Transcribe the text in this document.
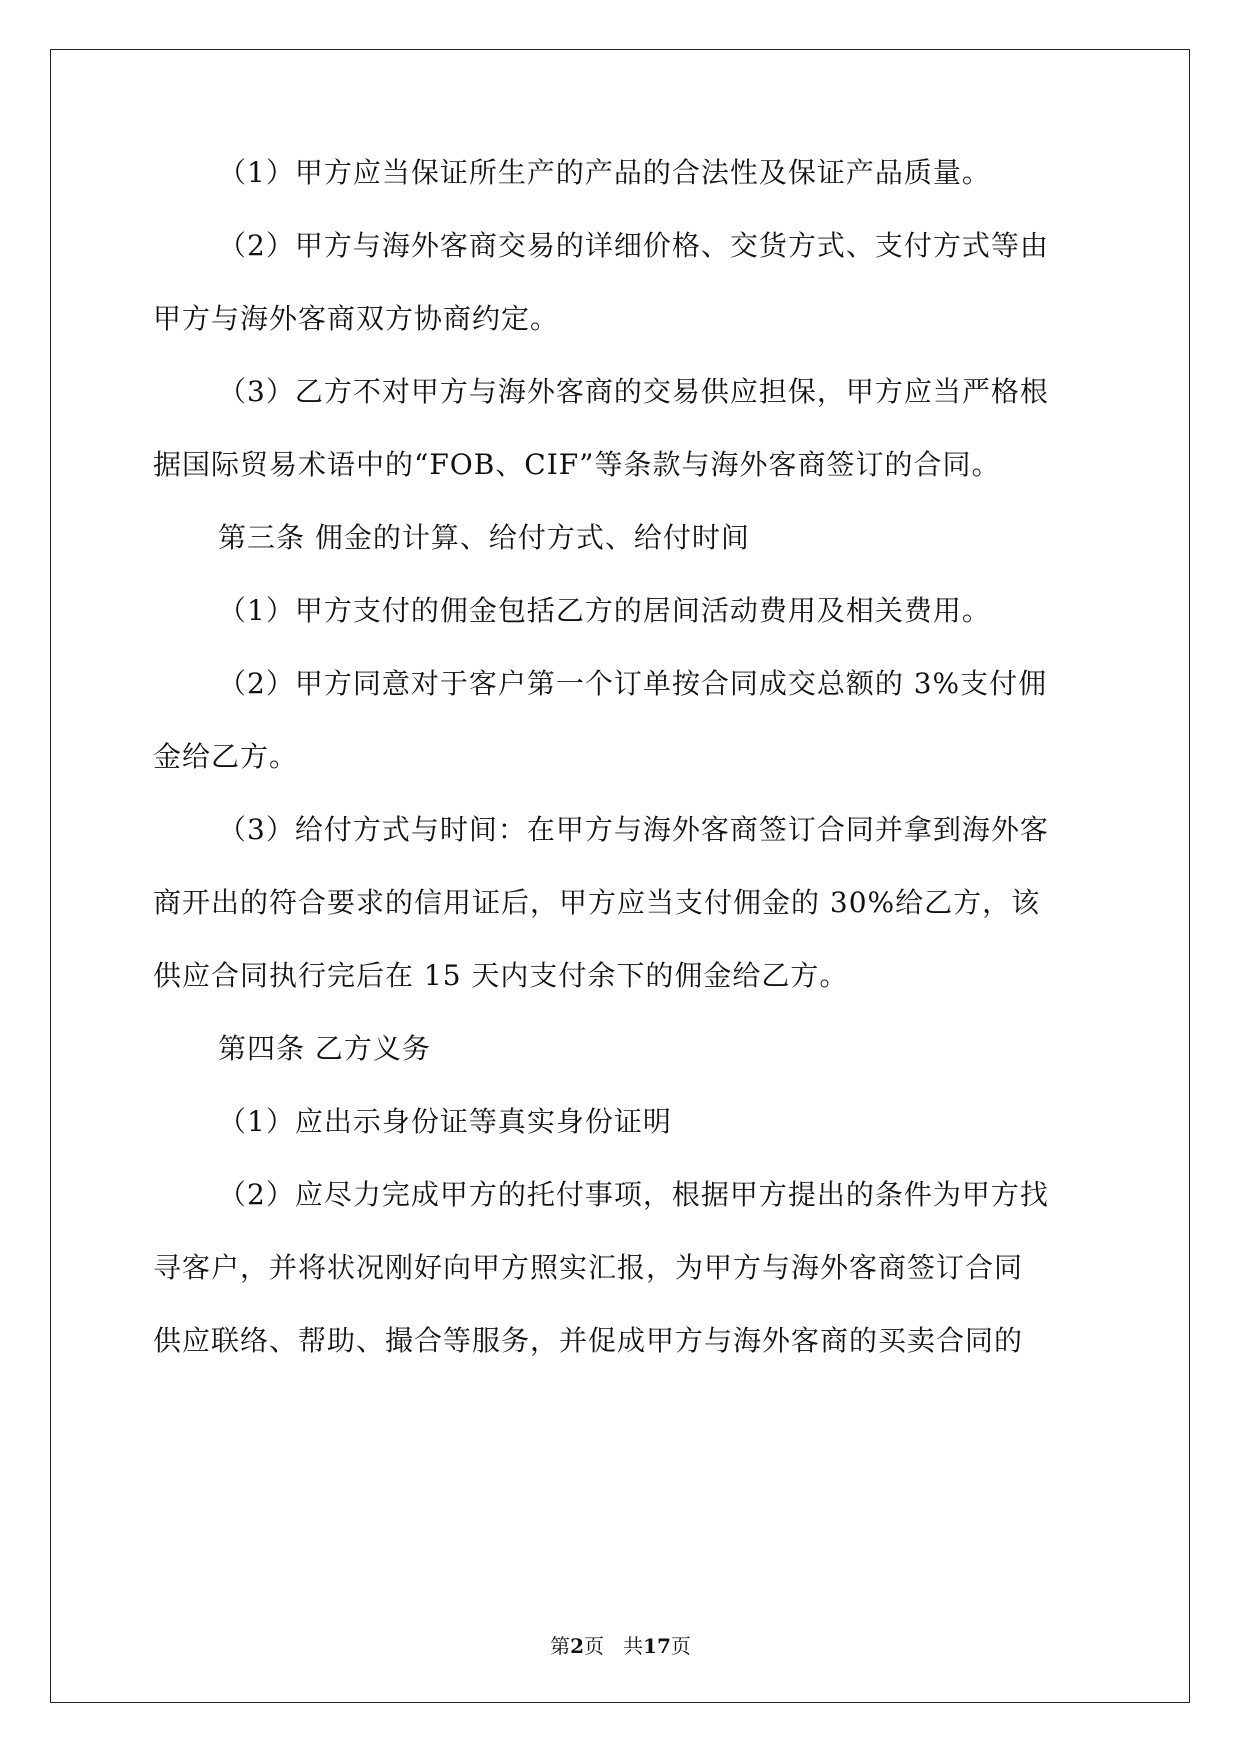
（1）甲方应当保证所生产的产品的合法性及保证产品质量。
（2）甲方与海外客商交易的详细价格、交货方式、支付方式等由
甲方与海外客商双方协商约定。
（3）乙方不对甲方与海外客商的交易供应担保，甲方应当严格根
据国际贸易术语中的“FOB、CIF”等条款与海外客商签订的合同。
第三条 佣金的计算、给付方式、给付时间
（1）甲方支付的佣金包括乙方的居间活动费用及相关费用。
（2）甲方同意对于客户第一个订单按合同成交总额的 3%支付佣
金给乙方。
（3）给付方式与时间：在甲方与海外客商签订合同并拿到海外客
商开出的符合要求的信用证后，甲方应当支付佣金的 30%给乙方，该
供应合同执行完后在 15 天内支付余下的佣金给乙方。
第四条 乙方义务
（1）应出示身份证等真实身份证明
（2）应尽力完成甲方的托付事项，根据甲方提出的条件为甲方找
寻客户，并将状况刚好向甲方照实汇报，为甲方与海外客商签订合同
供应联络、帮助、撮合等服务，并促成甲方与海外客商的买卖合同的
第2页 共17页
